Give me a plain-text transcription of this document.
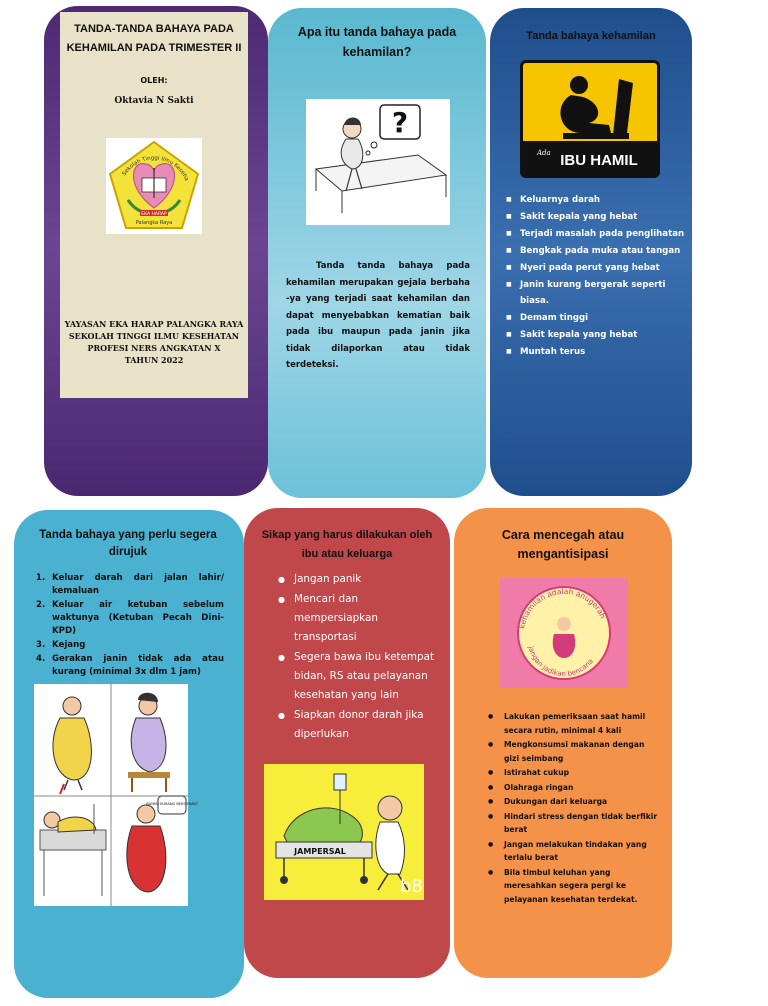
TANDA-TANDA BAHAYA PADA KEHAMILAN PADA TRIMESTER II
OLEH:
Oktavia N Sakti
EKA HARAP
Palangka Raya
Sekolah Tinggi Ilmu Keseha
YAYASAN EKA HARAP PALANGKA RAYA
SEKOLAH TINGGI ILMU KESEHATAN
PROFESI NERS ANGKATAN X
TAHUN 2022
Apa itu tanda bahaya pada kehamilan?
?

Tanda tanda bahaya pada kehamilan merupakan gejala berbaha -ya yang terjadi saat kehamilan dan dapat menyebabkan kematian baik pada ibu maupun pada janin jika tidak dilaporkan atau tidak terdeteksi.
Tanda bahaya kehamilan
Ada IBU HAMIL
■ Keluarnya darah
■ Sakit kepala yang hebat
■ Terjadi masalah pada penglihatan
■ Bengkak pada muka atau tangan
■ Nyeri pada perut yang hebat
■ Janin kurang bergerak seperti biasa.
■ Demam tinggi
■ Sakit kepala yang hebat
■ Muntah terus
Tanda bahaya yang perlu segera dirujuk
1. Keluar darah dari jalan lahir/ kemaluan
2. Keluar air ketuban sebelum waktunya (Ketuban Pecah Dini-KPD)
3. Kejang
4. Gerakan janin tidak ada atau kurang (minimal 3x dlm 1 jam)
BAYIKU KURANG BERGERAK?
Sikap yang harus dilakukan oleh ibu atau keluarga
● Jangan panik
● Mencari dan mempersiapkan transportasi
● Segera bawa ibu ketempat bidan, RS atau pelayanan kesehatan yang lain
● Siapkan donor darah jika diperlukan
JAMPERSAL
b8
Cara mencegah atau mengantisipasi
kehamilan adalah anugerah
jangan jadikan bencana
● Lakukan pemeriksaan saat hamil secara rutin, minimal 4 kali
● Mengkonsumsi makanan dengan gizi seimbang
● Istirahat cukup
● Olahraga ringan
● Dukungan dari keluarga
● Hindari stress dengan tidak berfikir berat
● Jangan melakukan tindakan yang terlalu berat
● Bila timbul keluhan yang meresahkan segera pergi ke pelayanan kesehatan terdekat.
